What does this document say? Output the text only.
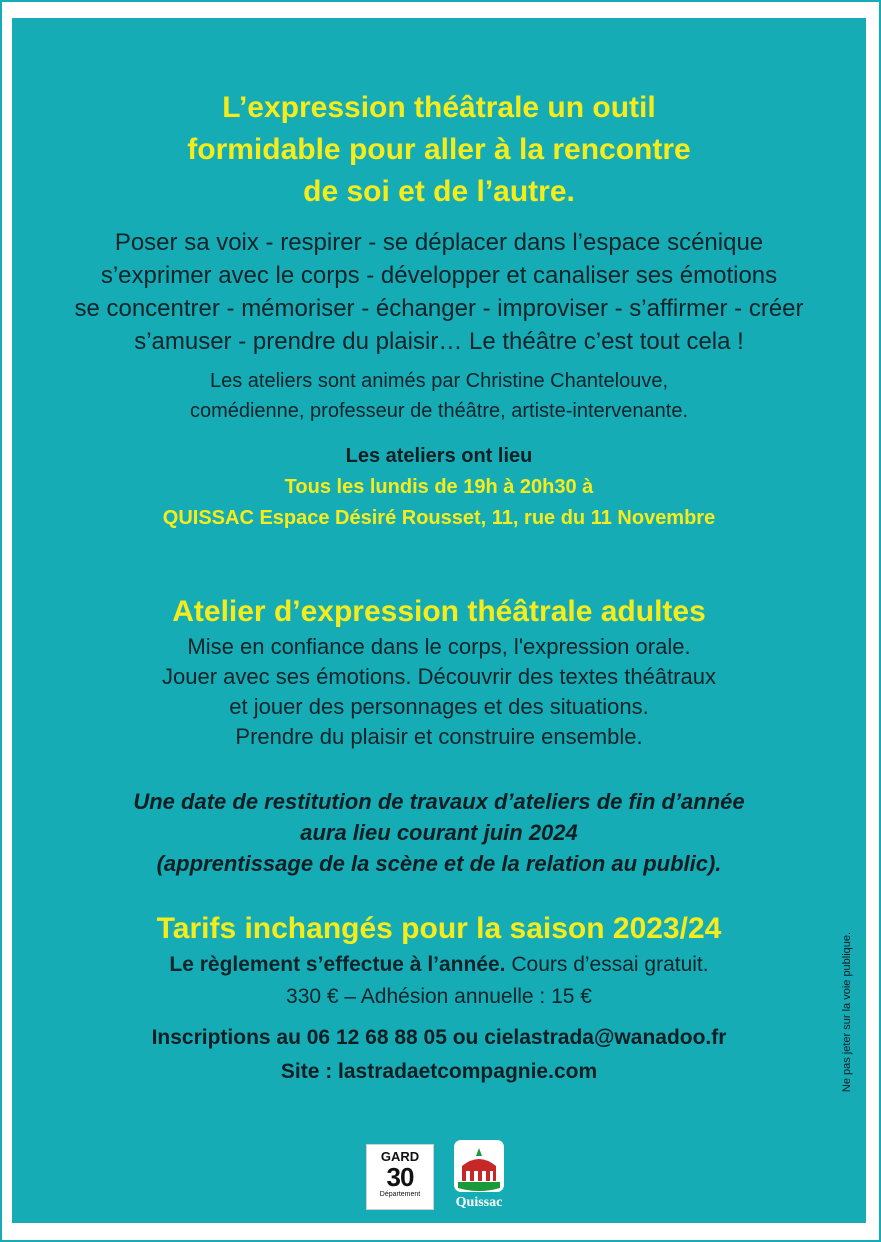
L’expression théâtrale un outil
formidable pour aller à la rencontre
de soi et de l’autre.
Poser sa voix - respirer - se déplacer dans l’espace scénique
s’exprimer avec le corps - développer et canaliser ses émotions
se concentrer - mémoriser - échanger - improviser - s’affirmer - créer
s’amuser - prendre du plaisir… Le théâtre c’est tout cela !
Les ateliers sont animés par Christine Chantelouve,
comédienne, professeur de théâtre, artiste-intervenante.
Les ateliers ont lieu
Tous les lundis de 19h à 20h30 à
QUISSAC Espace Désiré Rousset, 11, rue du 11 Novembre
Atelier d’expression théâtrale adultes
Mise en confiance dans le corps, l'expression orale.
Jouer avec ses émotions. Découvrir des textes théâtraux
et jouer des personnages et des situations.
Prendre du plaisir et construire ensemble.
Une date de restitution de travaux d’ateliers de fin d’année
aura lieu courant juin 2024
(apprentissage de la scène et de la relation au public).
Tarifs inchangés pour la saison 2023/24
Le règlement s’effectue à l’année. Cours d’essai gratuit.
330 € – Adhésion annuelle : 15 €
Inscriptions au 06 12 68 88 05 ou cielastrada@wanadoo.fr
Site : lastradaetcompagnie.com	Ne pas jeter sur la voie publique.
GARD
30
Département
Quissac
